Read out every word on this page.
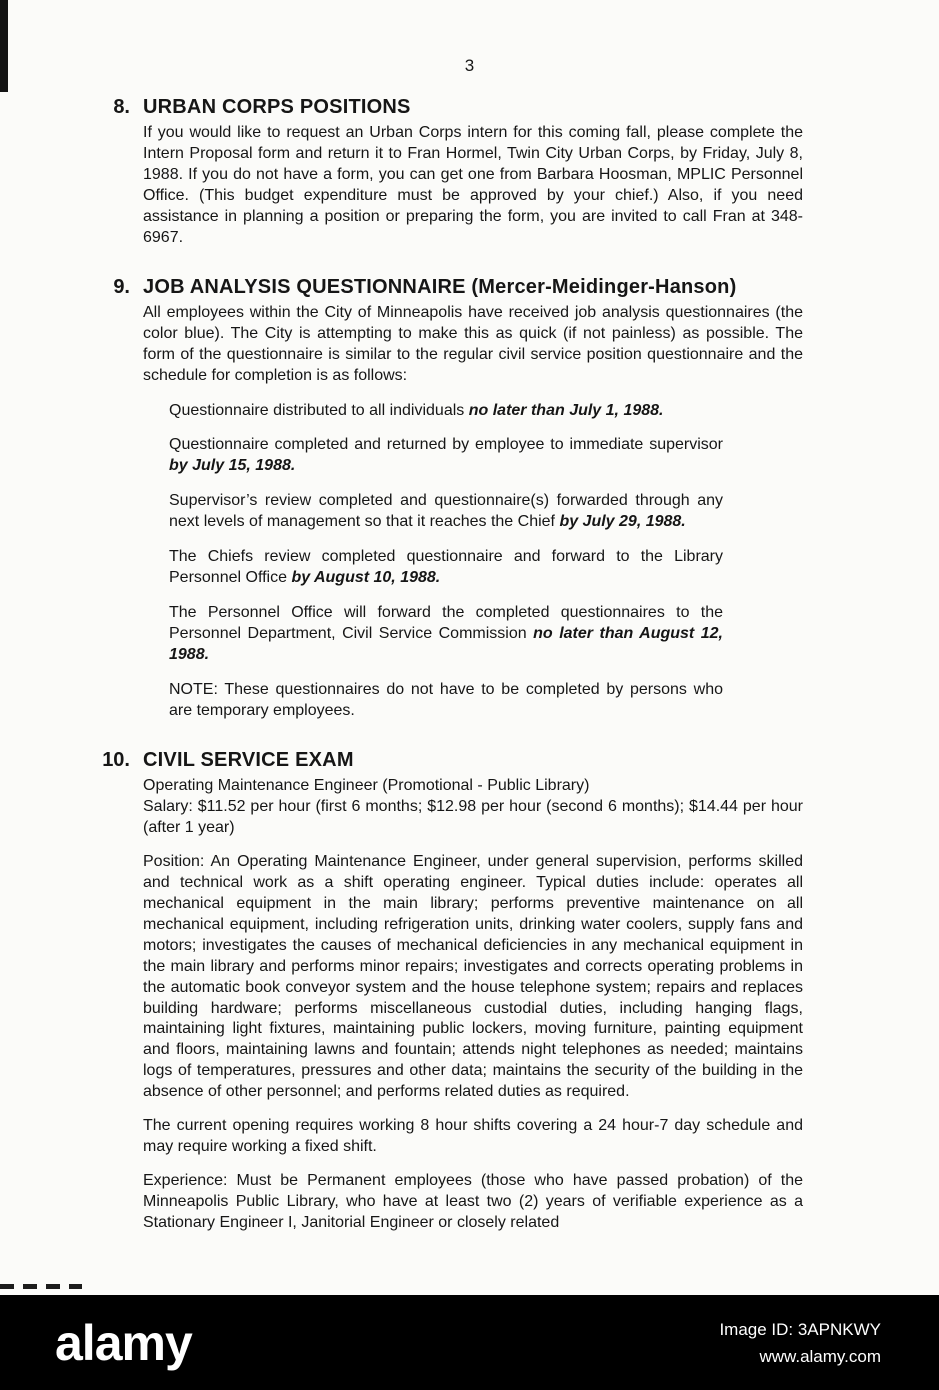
3
8. URBAN CORPS POSITIONS

If you would like to request an Urban Corps intern for this coming fall, please complete the Intern Proposal form and return it to Fran Hormel, Twin City Urban Corps, by Friday, July 8, 1988. If you do not have a form, you can get one from Barbara Hoosman, MPLIC Personnel Office. (This budget expenditure must be approved by your chief.) Also, if you need assistance in planning a position or preparing the form, you are invited to call Fran at 348-6967.

9. JOB ANALYSIS QUESTIONNAIRE (Mercer-Meidinger-Hanson)

All employees within the City of Minneapolis have received job analysis questionnaires (the color blue). The City is attempting to make this as quick (if not painless) as possible. The form of the questionnaire is similar to the regular civil service position questionnaire and the schedule for completion is as follows:

Questionnaire distributed to all individuals no later than July 1, 1988.

Questionnaire completed and returned by employee to immediate supervisor by July 15, 1988.

Supervisor’s review completed and questionnaire(s) forwarded through any next levels of management so that it reaches the Chief by July 29, 1988.

The Chiefs review completed questionnaire and forward to the Library Personnel Office by August 10, 1988.

The Personnel Office will forward the completed questionnaires to the Personnel Department, Civil Service Commission no later than August 12, 1988.

NOTE: These questionnaires do not have to be completed by persons who are temporary employees.

10. CIVIL SERVICE EXAM

Operating Maintenance Engineer (Promotional - Public Library)

Salary: $11.52 per hour (first 6 months; $12.98 per hour (second 6 months); $14.44 per hour (after 1 year)

Position: An Operating Maintenance Engineer, under general supervision, performs skilled and technical work as a shift operating engineer. Typical duties include: operates all mechanical equipment in the main library; performs preventive maintenance on all mechanical equipment, including refrigeration units, drinking water coolers, supply fans and motors; investigates the causes of mechanical deficiencies in any mechanical equipment in the main library and performs minor repairs; investigates and corrects operating problems in the automatic book conveyor system and the house telephone system; repairs and replaces building hardware; performs miscellaneous custodial duties, including hanging flags, maintaining light fixtures, maintaining public lockers, moving furniture, painting equipment and floors, maintaining lawns and fountain; attends night telephones as needed; maintains logs of temperatures, pressures and other data; maintains the security of the building in the absence of other personnel; and performs related duties as required.

The current opening requires working 8 hour shifts covering a 24 hour-7 day schedule and may require working a fixed shift.

Experience: Must be Permanent employees (those who have passed probation) of the Minneapolis Public Library, who have at least two (2) years of verifiable experience as a Stationary Engineer I, Janitorial Engineer or closely related

alamy	Image ID: 3APNKWY
www.alamy.com
